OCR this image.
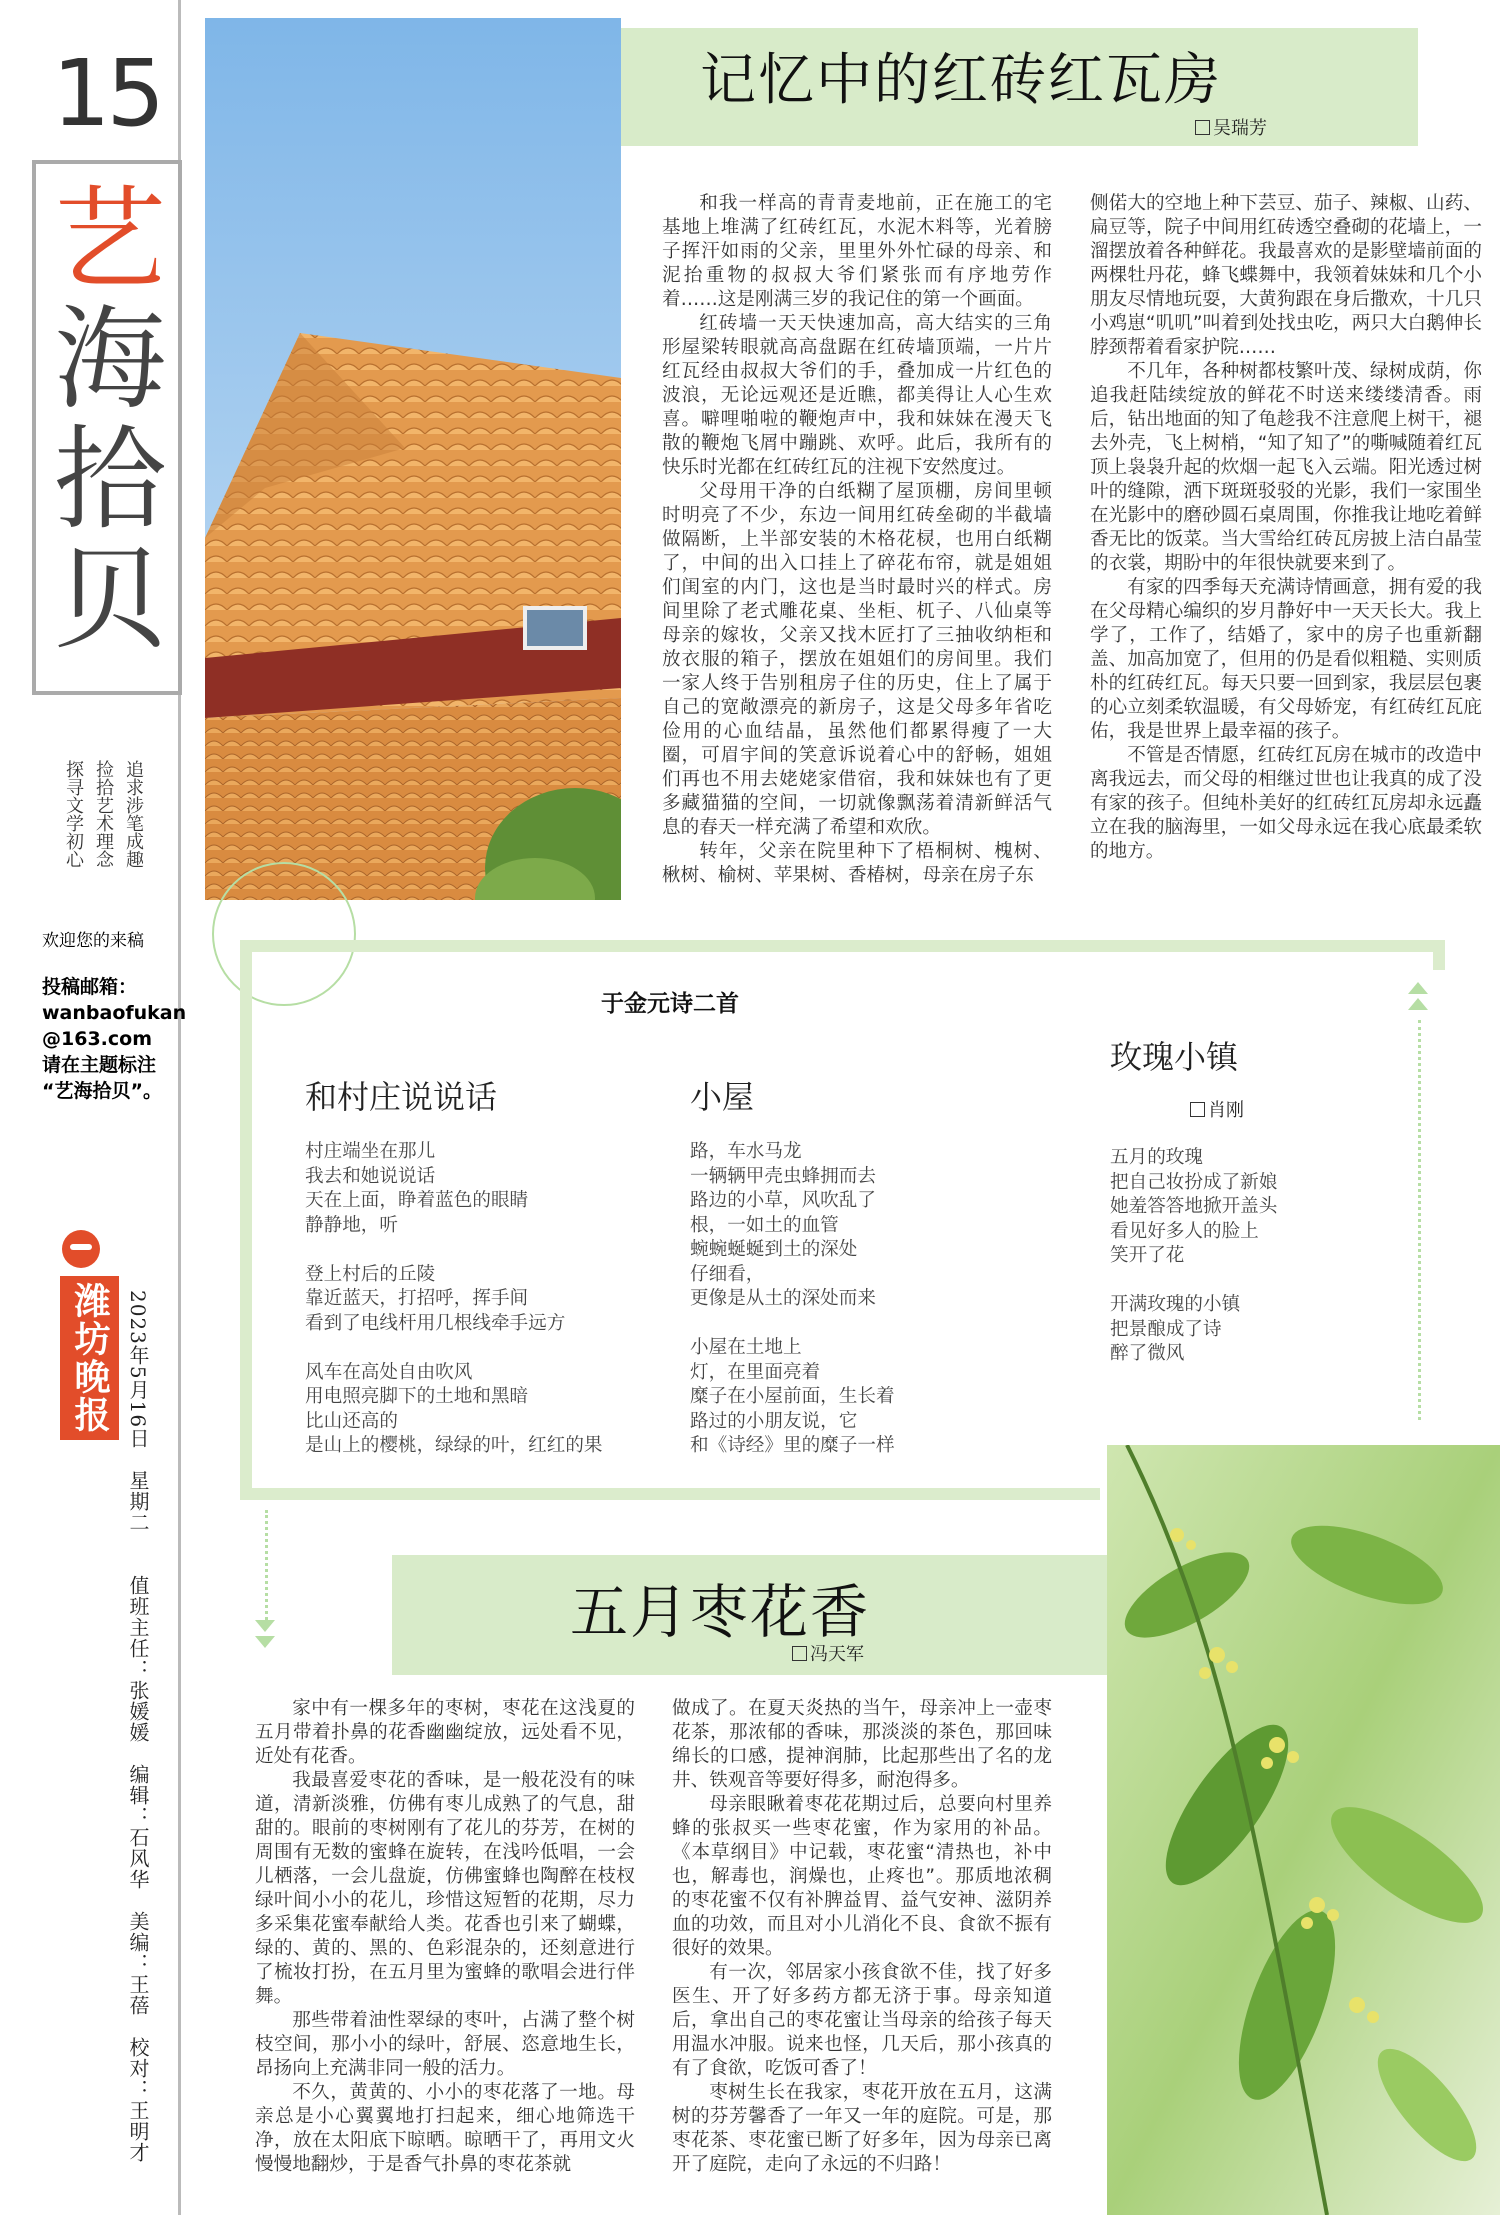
15
艺
海
拾
贝
追求涉笔成趣
捡拾艺术理念
探寻文学初心
欢迎您的来稿
投稿邮箱：
wanbaofukan
@163.com
请在主题标注
“艺海拾贝”。
潍坊晚报 2023年5月16日　星期二　　值班主任：张媛媛　编辑：石风华　美编：王蓓　校对：王明才
记忆中的红砖红瓦房
吴瑞芳

和我一样高的青青麦地前，正在施工的宅基地上堆满了红砖红瓦，水泥木料等，光着膀子挥汗如雨的父亲，里里外外忙碌的母亲、和泥抬重物的叔叔大爷们紧张而有序地劳作着……这是刚满三岁的我记住的第一个画面。

红砖墙一天天快速加高，高大结实的三角形屋梁转眼就高高盘踞在红砖墙顶端，一片片红瓦经由叔叔大爷们的手，叠加成一片红色的波浪，无论远观还是近瞧，都美得让人心生欢喜。噼哩啪啦的鞭炮声中，我和妹妹在漫天飞散的鞭炮飞屑中蹦跳、欢呼。此后，我所有的快乐时光都在红砖红瓦的注视下安然度过。

父母用干净的白纸糊了屋顶棚，房间里顿时明亮了不少，东边一间用红砖垒砌的半截墙做隔断，上半部安装的木格花棂，也用白纸糊了，中间的出入口挂上了碎花布帘，就是姐姐们闺室的内门，这也是当时最时兴的样式。房间里除了老式雕花桌、坐柜、杌子、八仙桌等母亲的嫁妆，父亲又找木匠打了三抽收纳柜和放衣服的箱子，摆放在姐姐们的房间里。我们一家人终于告别租房子住的历史，住上了属于自己的宽敞漂亮的新房子，这是父母多年省吃俭用的心血结晶，虽然他们都累得瘦了一大圈，可眉宇间的笑意诉说着心中的舒畅，姐姐们再也不用去姥姥家借宿，我和妹妹也有了更多藏猫猫的空间，一切就像飘荡着清新鲜活气息的春天一样充满了希望和欢欣。

转年，父亲在院里种下了梧桐树、槐树、楸树、榆树、苹果树、香椿树，母亲在房子东

侧偌大的空地上种下芸豆、茄子、辣椒、山药、扁豆等，院子中间用红砖透空叠砌的花墙上，一溜摆放着各种鲜花。我最喜欢的是影壁墙前面的两棵牡丹花，蜂飞蝶舞中，我领着妹妹和几个小朋友尽情地玩耍，大黄狗跟在身后撒欢，十几只小鸡崽“叽叽”叫着到处找虫吃，两只大白鹅伸长脖颈帮着看家护院……

不几年，各种树都枝繁叶茂、绿树成荫，你追我赶陆续绽放的鲜花不时送来缕缕清香。雨后，钻出地面的知了龟趁我不注意爬上树干，褪去外壳，飞上树梢，“知了知了”的嘶喊随着红瓦顶上袅袅升起的炊烟一起飞入云端。阳光透过树叶的缝隙，洒下斑斑驳驳的光影，我们一家围坐在光影中的磨砂圆石桌周围，你推我让地吃着鲜香无比的饭菜。当大雪给红砖瓦房披上洁白晶莹的衣裳，期盼中的年很快就要来到了。

有家的四季每天充满诗情画意，拥有爱的我在父母精心编织的岁月静好中一天天长大。我上学了，工作了，结婚了，家中的房子也重新翻盖、加高加宽了，但用的仍是看似粗糙、实则质朴的红砖红瓦。每天只要一回到家，我层层包裹的心立刻柔软温暖，有父母娇宠，有红砖红瓦庇佑，我是世界上最幸福的孩子。

不管是否情愿，红砖红瓦房在城市的改造中离我远去，而父母的相继过世也让我真的成了没有家的孩子。但纯朴美好的红砖红瓦房却永远矗立在我的脑海里，一如父母永远在我心底最柔软的地方。

于金元诗二首
和村庄说说话
村庄端坐在那儿
我去和她说说话
天在上面，睁着蓝色的眼睛
静静地，听
登上村后的丘陵
靠近蓝天，打招呼，挥手间
看到了电线杆用几根线牵手远方
风车在高处自由吹风
用电照亮脚下的土地和黑暗
比山还高的
是山上的樱桃，绿绿的叶，红红的果
小屋
路，车水马龙
一辆辆甲壳虫蜂拥而去
路边的小草，风吹乱了
根，一如土的血管
蜿蜿蜒蜒到土的深处
仔细看，
更像是从土的深处而来
小屋在土地上
灯，在里面亮着
糜子在小屋前面，生长着
路过的小朋友说，它
和《诗经》里的糜子一样
玫瑰小镇
肖刚
五月的玫瑰
把自己妆扮成了新娘
她羞答答地掀开盖头
看见好多人的脸上
笑开了花
开满玫瑰的小镇
把景酿成了诗
醉了微风
五月枣花香
冯天军

家中有一棵多年的枣树，枣花在这浅夏的五月带着扑鼻的花香幽幽绽放，远处看不见，近处有花香。

我最喜爱枣花的香味，是一般花没有的味道，清新淡雅，仿佛有枣儿成熟了的气息，甜甜的。眼前的枣树刚有了花儿的芬芳，在树的周围有无数的蜜蜂在旋转，在浅吟低唱，一会儿栖落，一会儿盘旋，仿佛蜜蜂也陶醉在枝杈绿叶间小小的花儿，珍惜这短暂的花期，尽力多采集花蜜奉献给人类。花香也引来了蝴蝶，绿的、黄的、黑的、色彩混杂的，还刻意进行了梳妆打扮，在五月里为蜜蜂的歌唱会进行伴舞。

那些带着油性翠绿的枣叶，占满了整个树枝空间，那小小的绿叶，舒展、恣意地生长，昂扬向上充满非同一般的活力。

不久，黄黄的、小小的枣花落了一地。母亲总是小心翼翼地打扫起来，细心地筛选干净，放在太阳底下晾晒。晾晒干了，再用文火慢慢地翻炒，于是香气扑鼻的枣花茶就

做成了。在夏天炎热的当午，母亲冲上一壶枣花茶，那浓郁的香味，那淡淡的茶色，那回味绵长的口感，提神润肺，比起那些出了名的龙井、铁观音等要好得多，耐泡得多。

母亲眼瞅着枣花花期过后，总要向村里养蜂的张叔买一些枣花蜜，作为家用的补品。《本草纲目》中记载，枣花蜜“清热也，补中也，解毒也，润燥也，止疼也”。那质地浓稠的枣花蜜不仅有补脾益胃、益气安神、滋阴养血的功效，而且对小儿消化不良、食欲不振有很好的效果。

有一次，邻居家小孩食欲不佳，找了好多医生、开了好多药方都无济于事。母亲知道后，拿出自己的枣花蜜让当母亲的给孩子每天用温水冲服。说来也怪，几天后，那小孩真的有了食欲，吃饭可香了！

枣树生长在我家，枣花开放在五月，这满树的芬芳馨香了一年又一年的庭院。可是，那枣花茶、枣花蜜已断了好多年，因为母亲已离开了庭院，走向了永远的不归路！
